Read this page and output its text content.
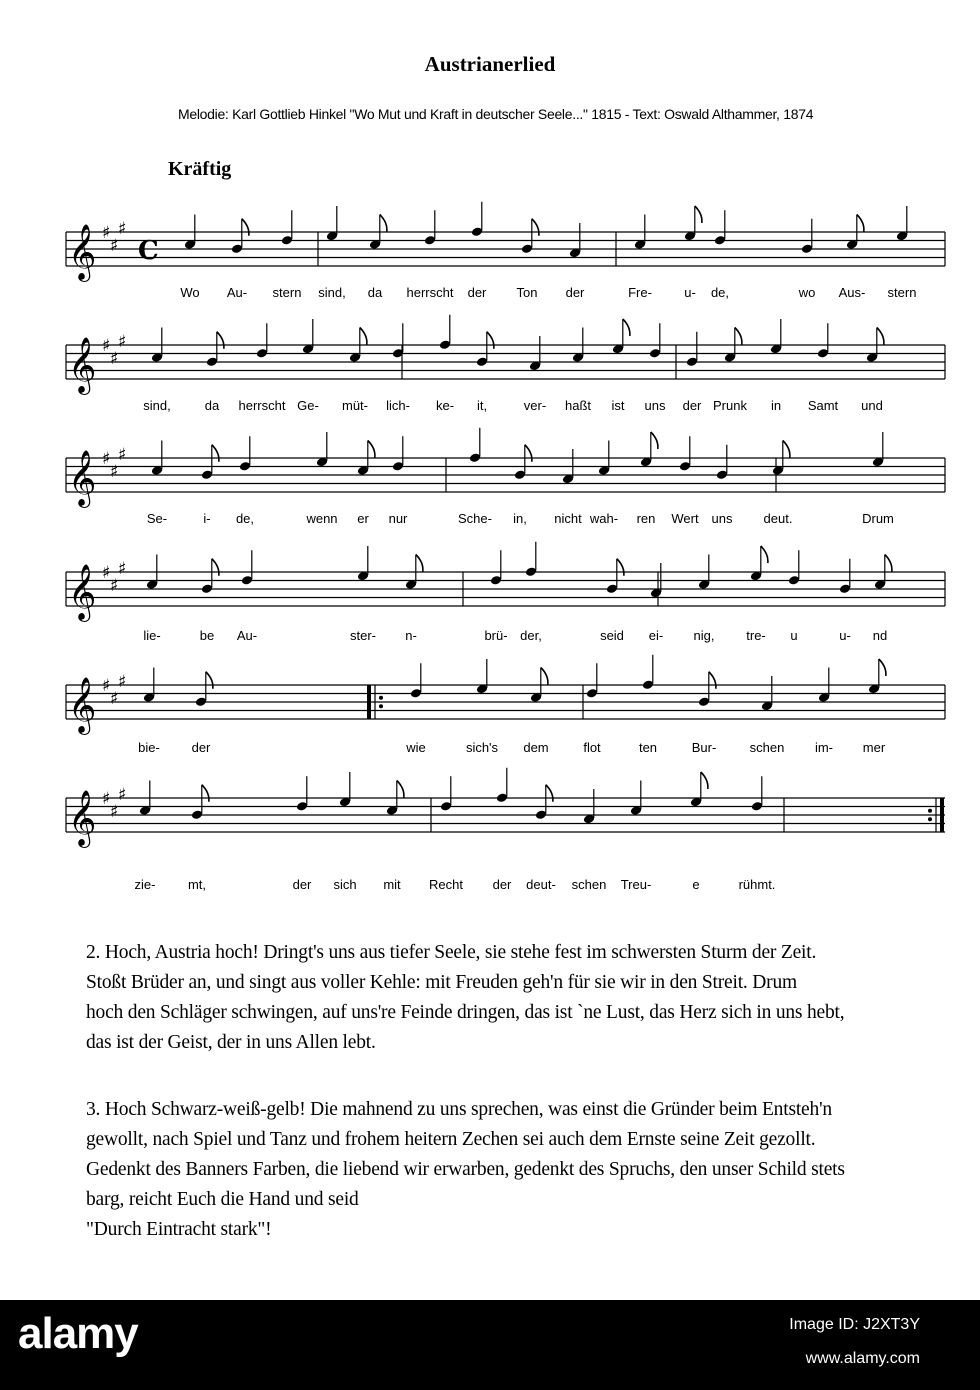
Austrianerlied
Melodie: Karl Gottlieb Hinkel "Wo Mut und Kraft in deutscher Seele..." 1815 - Text: Oswald Althammer, 1874
Kräftig
𝄞 ♯
♯
♯
Wo Au- stern sind, da herrscht der Ton der	Fre- u- de,	wo Aus- stern
𝄞 ♯
♯
♯
sind,	da herrscht Ge- müt- lich- ke- it,	ver- haßt ist uns der Prunk in Samt und
𝄞 ♯
♯
♯
Se-	i- de,	wenn er nur	Sche- in, nicht wah- ren Wert uns deut.	Drum
𝄞 ♯
♯
♯
lie-	be Au-	ster- n-	brü- der,	seid ei- nig, tre- u	u- nd
𝄞 ♯
♯
♯
bie- der	wie	sich's dem	flot	ten	Bur-	schen im- mer
𝄞 ♯
♯
♯
zie- mt,	der sich mit Recht der deut- schen Treu-	e	rühmt.
C
2. Hoch, Austria hoch! Dringt's uns aus tiefer Seele, sie stehe fest im schwersten Sturm der Zeit.
Stoßt Brüder an, und singt aus voller Kehle: mit Freuden geh'n für sie wir in den Streit. Drum
hoch den Schläger schwingen, auf uns're Feinde dringen, das ist `ne Lust, das Herz sich in uns hebt,
das ist der Geist, der in uns Allen lebt.
3. Hoch Schwarz-weiß-gelb! Die mahnend zu uns sprechen, was einst die Gründer beim Entsteh'n
gewollt, nach Spiel und Tanz und frohem heitern Zechen sei auch dem Ernste seine Zeit gezollt.
Gedenkt des Banners Farben, die liebend wir erwarben, gedenkt des Spruchs, den unser Schild stets
barg, reicht Euch die Hand und seid
"Durch Eintracht stark"!
alamy	Image ID: J2XT3Y
www.alamy.com
